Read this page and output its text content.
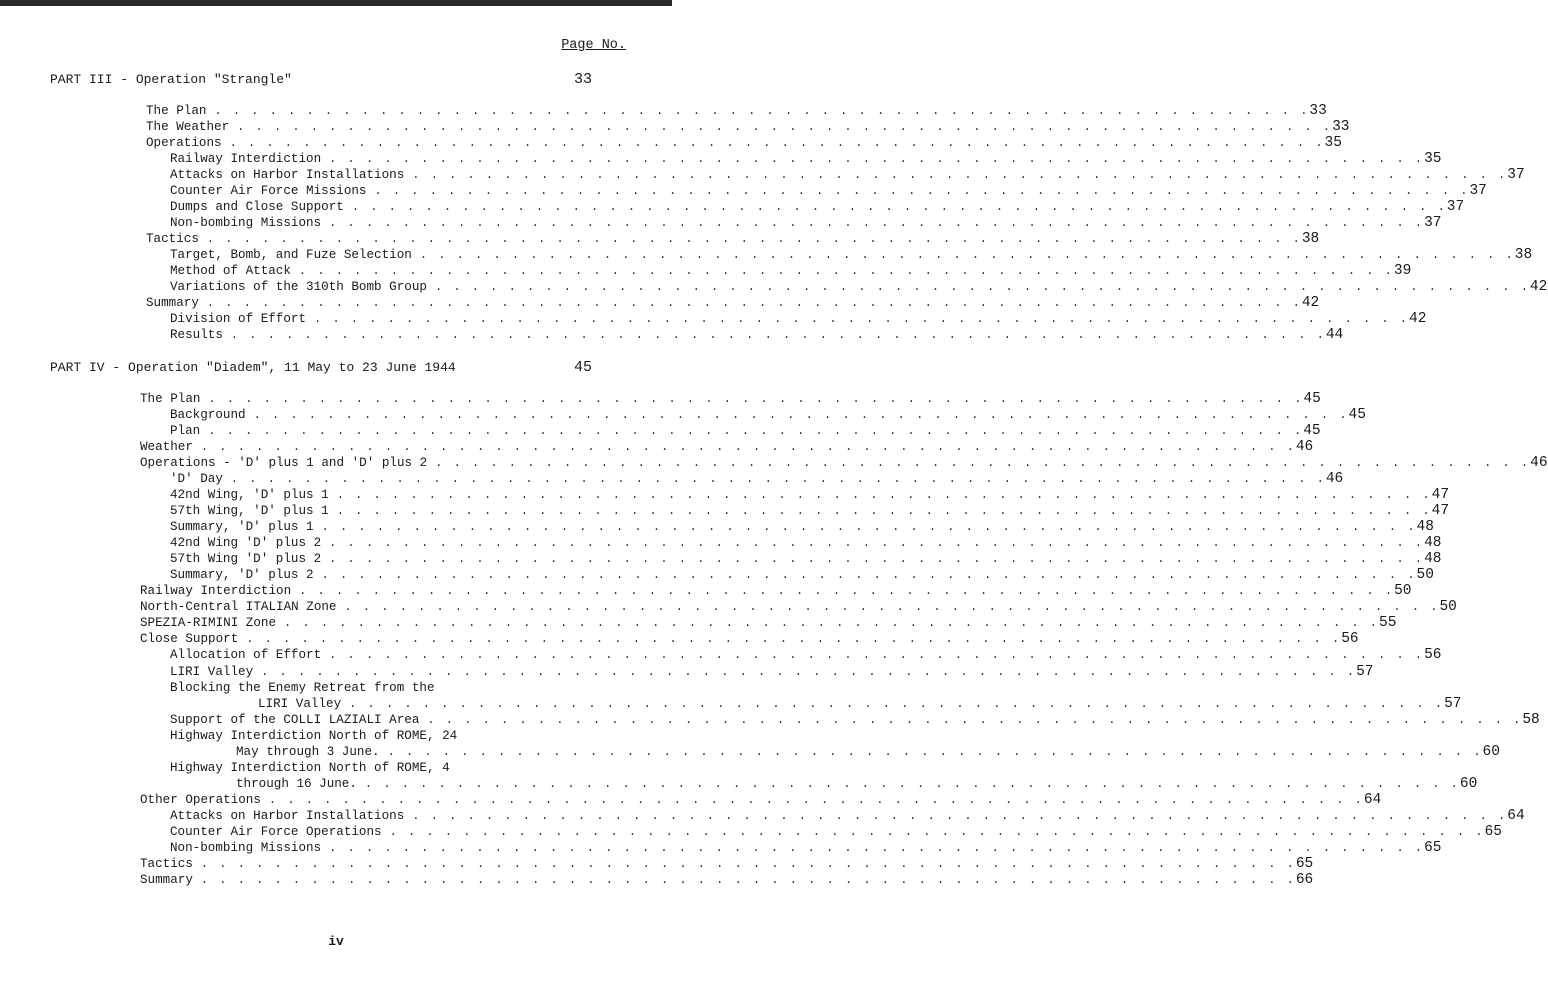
Page No.
PART III - Operation "Strangle"	33
The Plan . . . . . . . . . . . . . . . . . . . . . . . . . . . . . . . . . . . . . . . . . . . . . . . . . . . . . . . . . . . . 33
The Weather . . . . . . . . . . . . . . . . . . . . . . . . . . . . . . . . . . . . . . . . . . . . . . . . . . . . . . . . . . . . 33
Operations . . . . . . . . . . . . . . . . . . . . . . . . . . . . . . . . . . . . . . . . . . . . . . . . . . . . . . . . . . . . 35
Railway Interdiction . . . . . . . . . . . . . . . . . . . . . . . . . . . . . . . . . . . . . . . . . . . . . . . . . . . . . . . . . . . . 35
Attacks on Harbor Installations . . . . . . . . . . . . . . . . . . . . . . . . . . . . . . . . . . . . . . . . . . . . . . . . . . . . . . . . . . . . 37
Counter Air Force Missions . . . . . . . . . . . . . . . . . . . . . . . . . . . . . . . . . . . . . . . . . . . . . . . . . . . . . . . . . . . . 37
Dumps and Close Support . . . . . . . . . . . . . . . . . . . . . . . . . . . . . . . . . . . . . . . . . . . . . . . . . . . . . . . . . . . . 37
Non-bombing Missions . . . . . . . . . . . . . . . . . . . . . . . . . . . . . . . . . . . . . . . . . . . . . . . . . . . . . . . . . . . . 37
Tactics . . . . . . . . . . . . . . . . . . . . . . . . . . . . . . . . . . . . . . . . . . . . . . . . . . . . . . . . . . . . 38
Target, Bomb, and Fuze Selection . . . . . . . . . . . . . . . . . . . . . . . . . . . . . . . . . . . . . . . . . . . . . . . . . . . . . . . . . . . . 38
Method of Attack . . . . . . . . . . . . . . . . . . . . . . . . . . . . . . . . . . . . . . . . . . . . . . . . . . . . . . . . . . . . 39
Variations of the 310th Bomb Group . . . . . . . . . . . . . . . . . . . . . . . . . . . . . . . . . . . . . . . . . . . . . . . . . . . . . . . . . . . . 42
Summary . . . . . . . . . . . . . . . . . . . . . . . . . . . . . . . . . . . . . . . . . . . . . . . . . . . . . . . . . . . . 42
Division of Effort . . . . . . . . . . . . . . . . . . . . . . . . . . . . . . . . . . . . . . . . . . . . . . . . . . . . . . . . . . . . 42
Results . . . . . . . . . . . . . . . . . . . . . . . . . . . . . . . . . . . . . . . . . . . . . . . . . . . . . . . . . . . . 44
PART IV - Operation "Diadem", 11 May to 23 June 1944	45
The Plan . . . . . . . . . . . . . . . . . . . . . . . . . . . . . . . . . . . . . . . . . . . . . . . . . . . . . . . . . . . . 45
Background . . . . . . . . . . . . . . . . . . . . . . . . . . . . . . . . . . . . . . . . . . . . . . . . . . . . . . . . . . . . 45
Plan . . . . . . . . . . . . . . . . . . . . . . . . . . . . . . . . . . . . . . . . . . . . . . . . . . . . . . . . . . . . 45
Weather . . . . . . . . . . . . . . . . . . . . . . . . . . . . . . . . . . . . . . . . . . . . . . . . . . . . . . . . . . . . 46
Operations - 'D' plus 1 and 'D' plus 2 . . . . . . . . . . . . . . . . . . . . . . . . . . . . . . . . . . . . . . . . . . . . . . . . . . . . . . . . . . . . 46
'D' Day . . . . . . . . . . . . . . . . . . . . . . . . . . . . . . . . . . . . . . . . . . . . . . . . . . . . . . . . . . . . 46
42nd Wing, 'D' plus 1 . . . . . . . . . . . . . . . . . . . . . . . . . . . . . . . . . . . . . . . . . . . . . . . . . . . . . . . . . . . . 47
57th Wing, 'D' plus 1 . . . . . . . . . . . . . . . . . . . . . . . . . . . . . . . . . . . . . . . . . . . . . . . . . . . . . . . . . . . . 47
Summary, 'D' plus 1 . . . . . . . . . . . . . . . . . . . . . . . . . . . . . . . . . . . . . . . . . . . . . . . . . . . . . . . . . . . . 48
42nd Wing 'D' plus 2 . . . . . . . . . . . . . . . . . . . . . . . . . . . . . . . . . . . . . . . . . . . . . . . . . . . . . . . . . . . . 48
57th Wing 'D' plus 2 . . . . . . . . . . . . . . . . . . . . . . . . . . . . . . . . . . . . . . . . . . . . . . . . . . . . . . . . . . . . 48
Summary, 'D' plus 2 . . . . . . . . . . . . . . . . . . . . . . . . . . . . . . . . . . . . . . . . . . . . . . . . . . . . . . . . . . . . 50
Railway Interdiction . . . . . . . . . . . . . . . . . . . . . . . . . . . . . . . . . . . . . . . . . . . . . . . . . . . . . . . . . . . . 50
North-Central ITALIAN Zone . . . . . . . . . . . . . . . . . . . . . . . . . . . . . . . . . . . . . . . . . . . . . . . . . . . . . . . . . . . . 50
SPEZIA-RIMINI Zone . . . . . . . . . . . . . . . . . . . . . . . . . . . . . . . . . . . . . . . . . . . . . . . . . . . . . . . . . . . . 55
Close Support . . . . . . . . . . . . . . . . . . . . . . . . . . . . . . . . . . . . . . . . . . . . . . . . . . . . . . . . . . . . 56
Allocation of Effort . . . . . . . . . . . . . . . . . . . . . . . . . . . . . . . . . . . . . . . . . . . . . . . . . . . . . . . . . . . . 56
LIRI Valley . . . . . . . . . . . . . . . . . . . . . . . . . . . . . . . . . . . . . . . . . . . . . . . . . . . . . . . . . . . . 57
Blocking the Enemy Retreat from the
LIRI Valley . . . . . . . . . . . . . . . . . . . . . . . . . . . . . . . . . . . . . . . . . . . . . . . . . . . . . . . . . . . . 57
Support of the COLLI LAZIALI Area . . . . . . . . . . . . . . . . . . . . . . . . . . . . . . . . . . . . . . . . . . . . . . . . . . . . . . . . . . . . 58
Highway Interdiction North of ROME, 24
May through 3 June. . . . . . . . . . . . . . . . . . . . . . . . . . . . . . . . . . . . . . . . . . . . . . . . . . . . . . . . . . . . . 60
Highway Interdiction North of ROME, 4
through 16 June. . . . . . . . . . . . . . . . . . . . . . . . . . . . . . . . . . . . . . . . . . . . . . . . . . . . . . . . . . . . . 60
Other Operations . . . . . . . . . . . . . . . . . . . . . . . . . . . . . . . . . . . . . . . . . . . . . . . . . . . . . . . . . . . . 64
Attacks on Harbor Installations . . . . . . . . . . . . . . . . . . . . . . . . . . . . . . . . . . . . . . . . . . . . . . . . . . . . . . . . . . . . 64
Counter Air Force Operations . . . . . . . . . . . . . . . . . . . . . . . . . . . . . . . . . . . . . . . . . . . . . . . . . . . . . . . . . . . . 65
Non-bombing Missions . . . . . . . . . . . . . . . . . . . . . . . . . . . . . . . . . . . . . . . . . . . . . . . . . . . . . . . . . . . . 65
Tactics . . . . . . . . . . . . . . . . . . . . . . . . . . . . . . . . . . . . . . . . . . . . . . . . . . . . . . . . . . . . 65
Summary . . . . . . . . . . . . . . . . . . . . . . . . . . . . . . . . . . . . . . . . . . . . . . . . . . . . . . . . . . . . 66
iv
